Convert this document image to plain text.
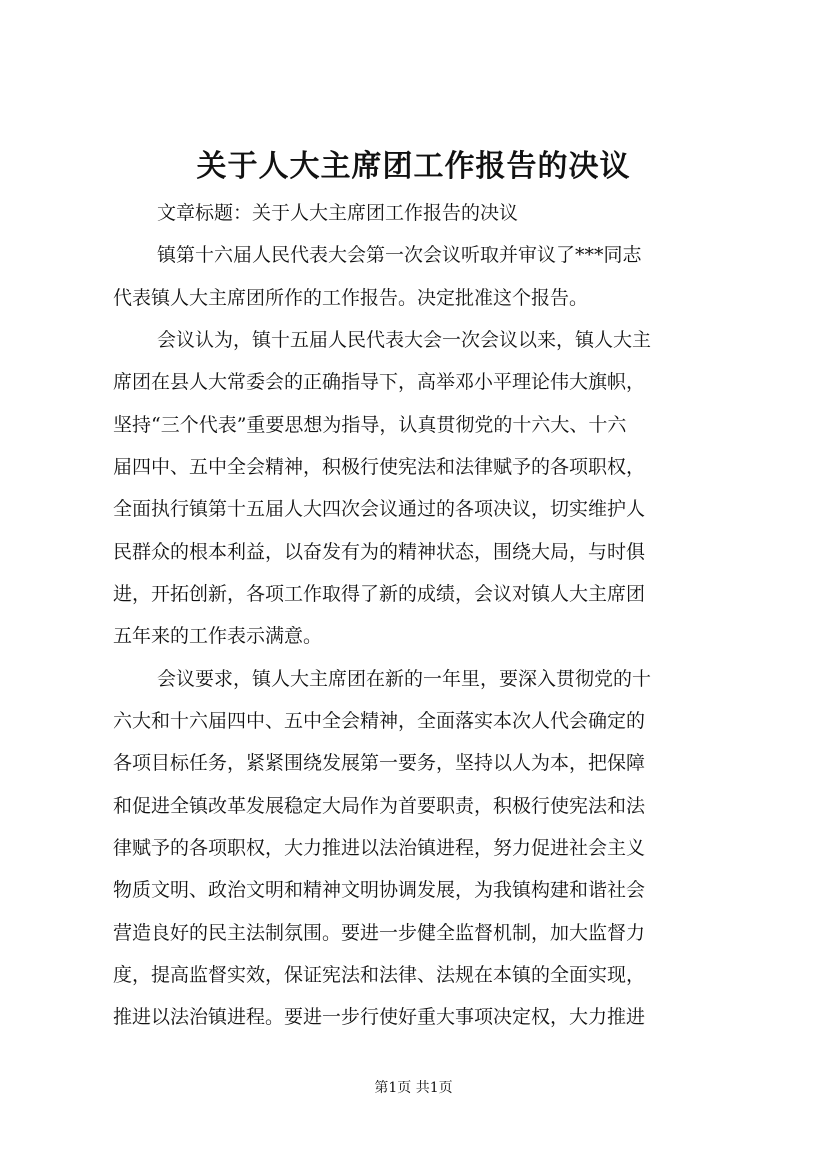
关于人大主席团工作报告的决议
文章标题：关于人大主席团工作报告的决议
镇第十六届人民代表大会第一次会议听取并审议了***同志
代表镇人大主席团所作的工作报告。决定批准这个报告。
会议认为，镇十五届人民代表大会一次会议以来，镇人大主
席团在县人大常委会的正确指导下，高举邓小平理论伟大旗帜，
坚持“三个代表”重要思想为指导，认真贯彻党的十六大、十六
届四中、五中全会精神，积极行使宪法和法律赋予的各项职权，
全面执行镇第十五届人大四次会议通过的各项决议，切实维护人
民群众的根本利益，以奋发有为的精神状态，围绕大局，与时俱
进，开拓创新，各项工作取得了新的成绩，会议对镇人大主席团
五年来的工作表示满意。
会议要求，镇人大主席团在新的一年里，要深入贯彻党的十
六大和十六届四中、五中全会精神，全面落实本次人代会确定的
各项目标任务，紧紧围绕发展第一要务，坚持以人为本，把保障
和促进全镇改革发展稳定大局作为首要职责，积极行使宪法和法
律赋予的各项职权，大力推进以法治镇进程，努力促进社会主义
物质文明、政治文明和精神文明协调发展，为我镇构建和谐社会
营造良好的民主法制氛围。要进一步健全监督机制，加大监督力
度，提高监督实效，保证宪法和法律、法规在本镇的全面实现，
推进以法治镇进程。要进一步行使好重大事项决定权，大力推进
第1页 共1页
